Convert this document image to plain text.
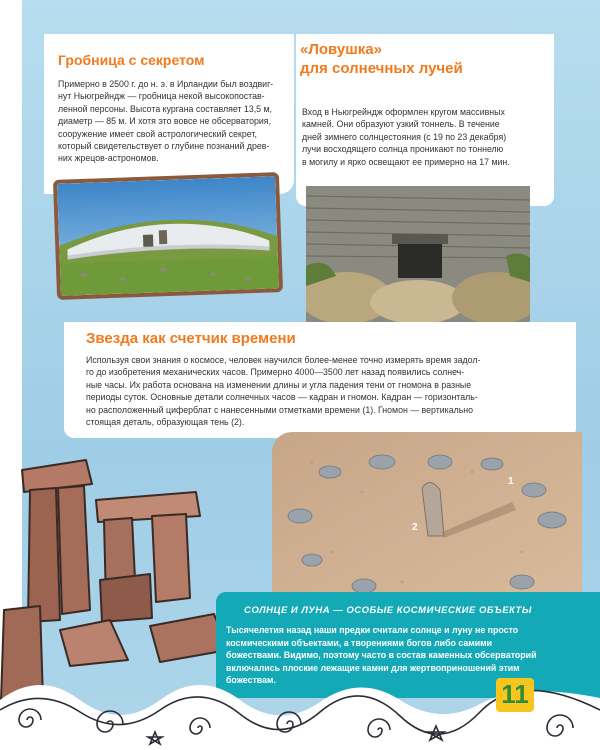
Гробница с секретом
Примерно в 2500 г. до н. э. в Ирландии был воздвиг-
нут Ньюгрейндж — гробница некой высокопостав-
ленной персоны. Высота кургана составляет 13,5 м,
диаметр — 85 м. И хотя это вовсе не обсерватория,
сооружение имеет свой астрологический секрет,
который свидетельствует о глубине познаний древ-
них жрецов-астрономов.
«Ловушка»
для солнечных лучей
Вход в Ньюгрейндж оформлен кругом массивных
камней. Они образуют узкий тоннель. В течение
дней зимнего солнцестояния (с 19 по 23 декабря)
лучи восходящего солнца проникают по тоннелю
в могилу и ярко освещают ее примерно на 17 мин.
Звезда как счетчик времени
Используя свои знания о космосе, человек научился более-менее точно измерять время задол-
го до изобретения механических часов. Примерно 4000—3500 лет назад появились солнеч-
ные часы. Их работа основана на изменении длины и угла падения тени от гномона в разные
периоды суток. Основные детали солнечных часов — кадран и гномон. Кадран — горизонталь-
но расположенный циферблат с нанесенными отметками времени (1). Гномон — вертикально
стоящая деталь, образующая тень (2).
2
1
СОЛНЦЕ И ЛУНА — ОСОБЫЕ КОСМИЧЕСКИЕ ОБЪЕКТЫ
Тысячелетия назад наши предки считали солнце и луну не просто
космическими объектами, а творениями богов либо самими
божествами. Видимо, поэтому часто в состав каменных обсерваторий
включались плоские лежащие камни для жертвоприношений этим
божествам.	11
